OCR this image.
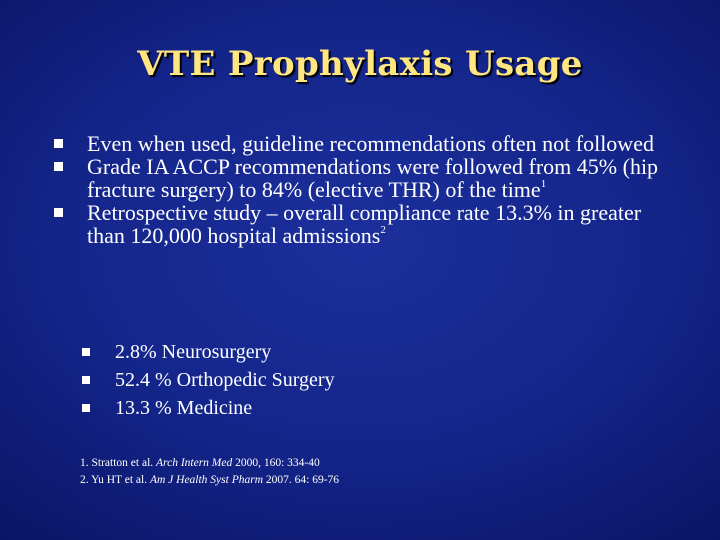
VTE Prophylaxis Usage
Even when used, guideline recommendations often not followed
Grade IA ACCP recommendations were followed from 45% (hip fracture surgery) to 84% (elective THR) of the time$^1$
Retrospective study – overall compliance rate 13.3% in greater than 120,000 hospital admissions$^2$
2.8% Neurosurgery
52.4 % Orthopedic Surgery
13.3 % Medicine
1. Stratton et al. Arch Intern Med 2000, 160: 334-40
2. Yu HT et al. Am J Health Syst Pharm 2007. 64: 69-76
